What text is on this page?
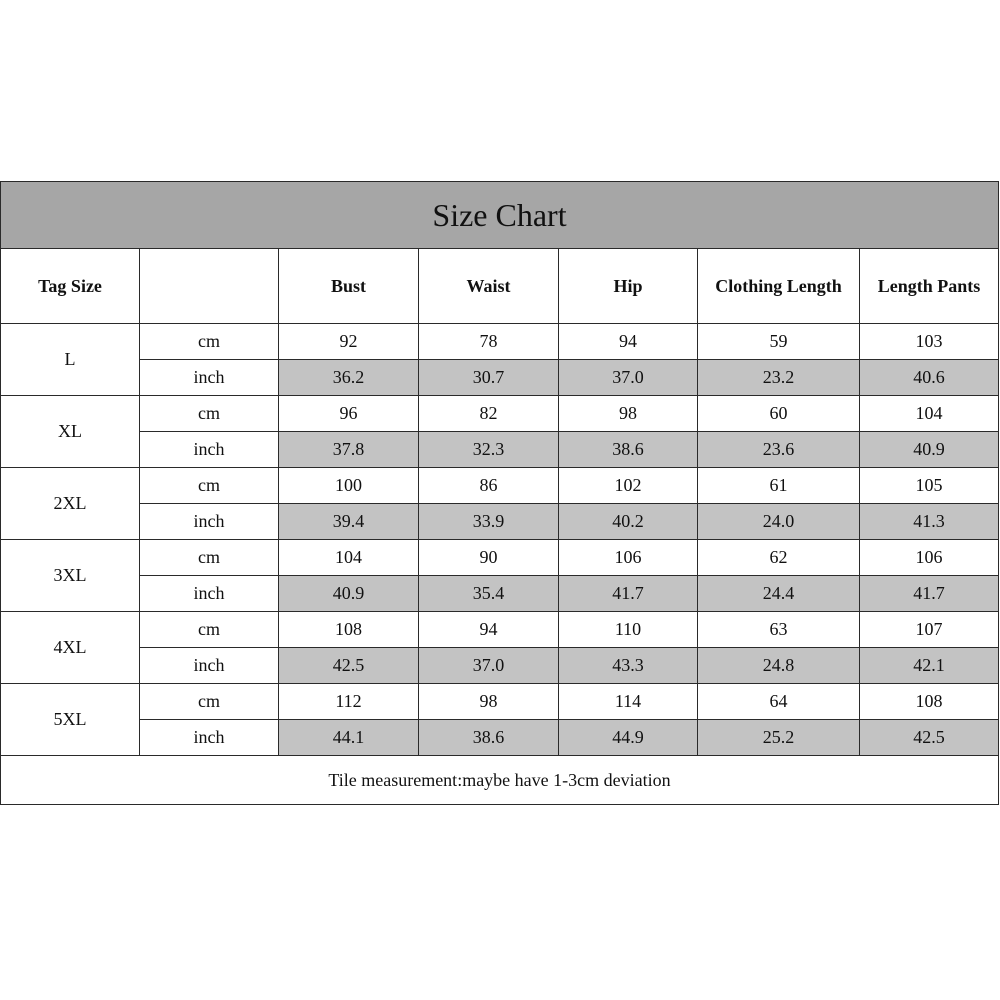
Size Chart						
Tag Size		Bust	Waist	Hip	Clothing Length	Length Pants
L	cm	92	78	94	59	103
	inch	36.2	30.7	37.0	23.2	40.6
XL	cm	96	82	98	60	104
	inch	37.8	32.3	38.6	23.6	40.9
2XL	cm	100	86	102	61	105
	inch	39.4	33.9	40.2	24.0	41.3
3XL	cm	104	90	106	62	106
	inch	40.9	35.4	41.7	24.4	41.7
4XL	cm	108	94	110	63	107
	inch	42.5	37.0	43.3	24.8	42.1
5XL	cm	112	98	114	64	108
	inch	44.1	38.6	44.9	25.2	42.5
Tile measurement:maybe have 1-3cm deviation						
